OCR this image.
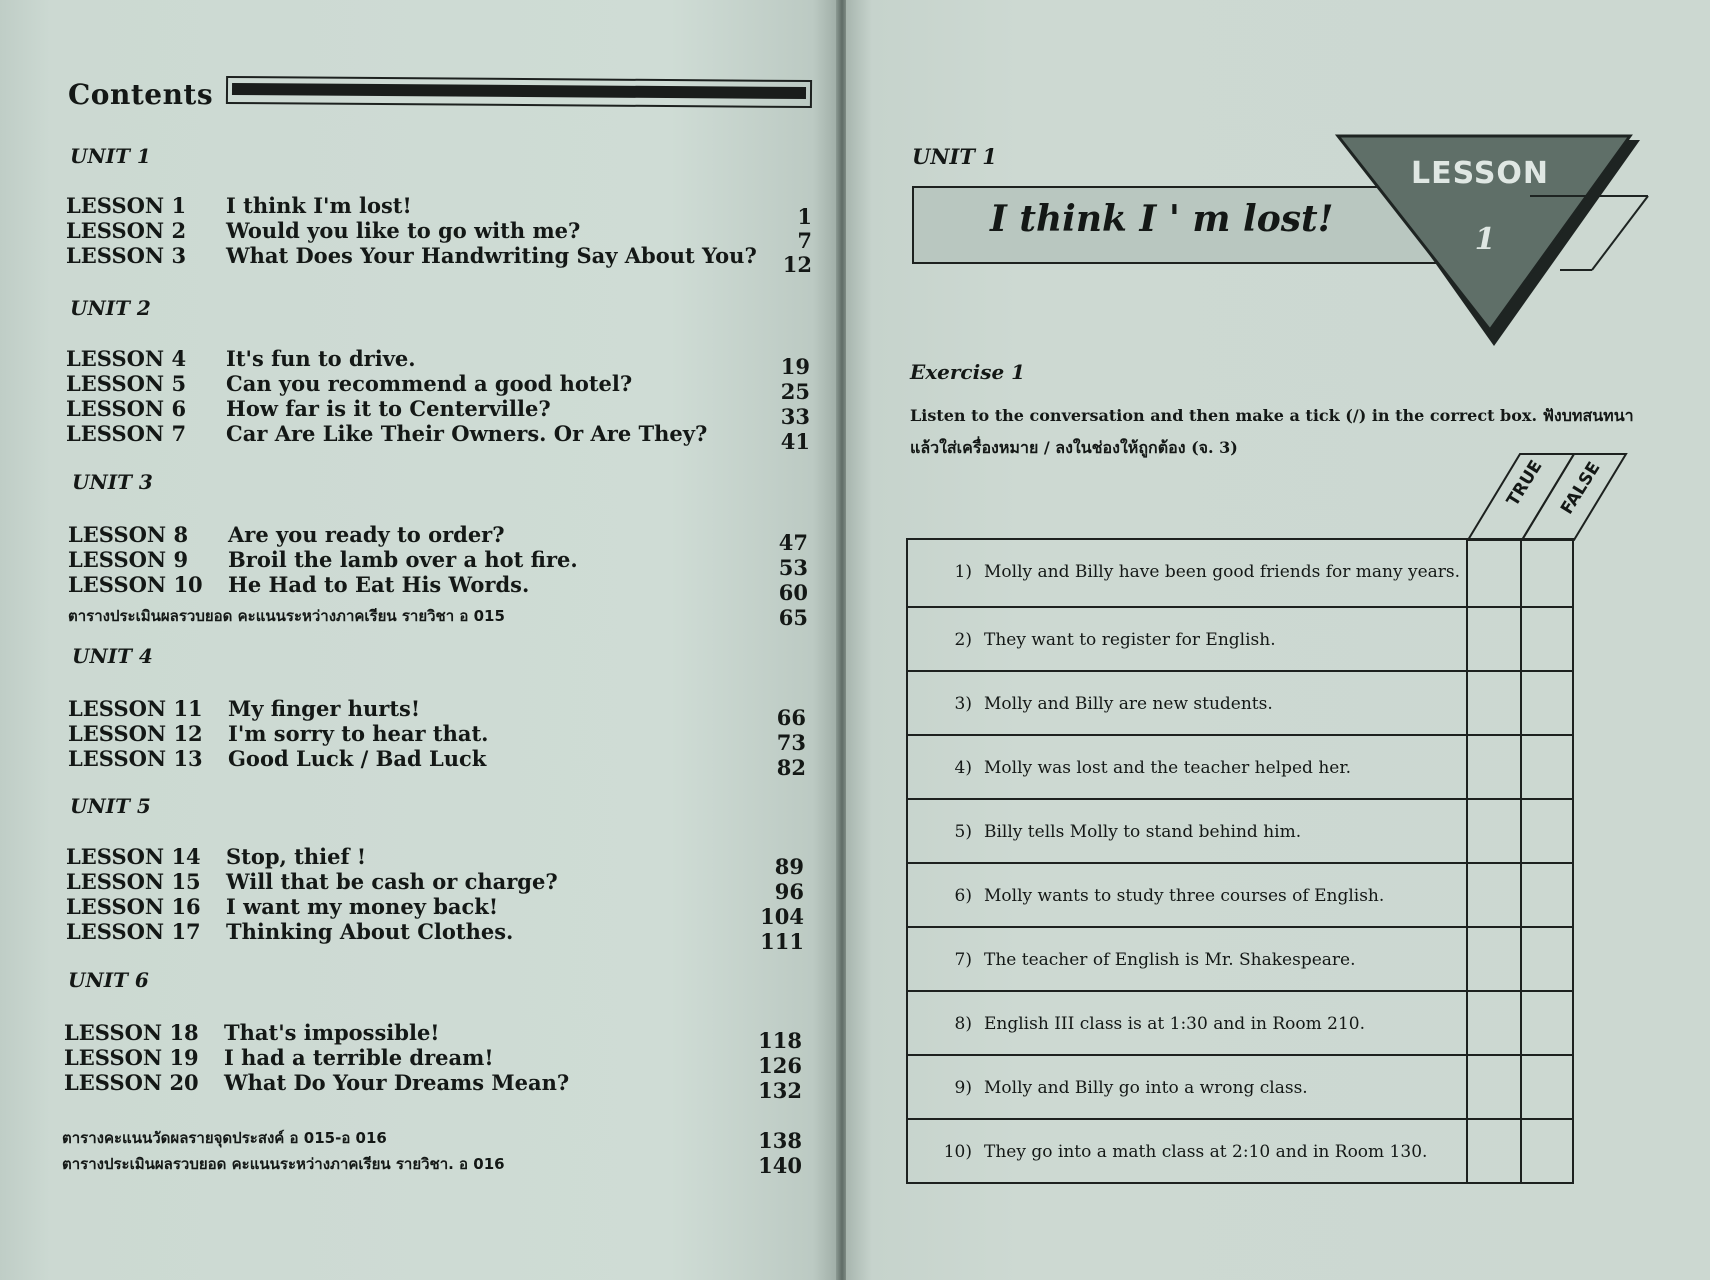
Contents
UNIT 1
LESSON 1 I think I'm lost!
LESSON 2 Would you like to go with me?
LESSON 3 What Does Your Handwriting Say About You?
1
7
12
UNIT 2
LESSON 4 It's fun to drive.
LESSON 5 Can you recommend a good hotel?
LESSON 6 How far is it to Centerville?
LESSON 7 Car Are Like Their Owners. Or Are They?
19
25
33
41
UNIT 3
LESSON 8 Are you ready to order?
LESSON 9 Broil the lamb over a hot fire.
LESSON 10 He Had to Eat His Words.
ตารางประเมินผลรวบยอด คะแนนระหว่างภาคเรียน รายวิชา อ 015
47
53
60
65
UNIT 4
LESSON 11 My finger hurts!
LESSON 12 I'm sorry to hear that.
LESSON 13 Good Luck / Bad Luck
66
73
82
UNIT 5
LESSON 14 Stop, thief !
LESSON 15 Will that be cash or charge?
LESSON 16 I want my money back!
LESSON 17 Thinking About Clothes.
89
96
104
111
UNIT 6
LESSON 18 That's impossible!
LESSON 19 I had a terrible dream!
LESSON 20 What Do Your Dreams Mean?
118
126
132
ตารางคะแนนวัดผลรายจุดประสงค์ อ 015-อ 016
ตารางประเมินผลรวบยอด คะแนนระหว่างภาคเรียน รายวิชา. อ 016
138
140
UNIT 1	LESSON
1
I think I ' m lost!
Exercise 1
Listen to the conversation and then make a tick (/) in the correct box. ฟังบทสนทนา แล้วใส่เครื่องหมาย / ลงในช่องให้ถูกต้อง (จ. 3)
TRUE FALSE
1) Molly and Billy have been good friends for many years.
2) They want to register for English.
3) Molly and Billy are new students.
4) Molly was lost and the teacher helped her.
5) Billy tells Molly to stand behind him.
6) Molly wants to study three courses of English.
7) The teacher of English is Mr. Shakespeare.
8) English III class is at 1:30 and in Room 210.
9) Molly and Billy go into a wrong class.
10) They go into a math class at 2:10 and in Room 130.
